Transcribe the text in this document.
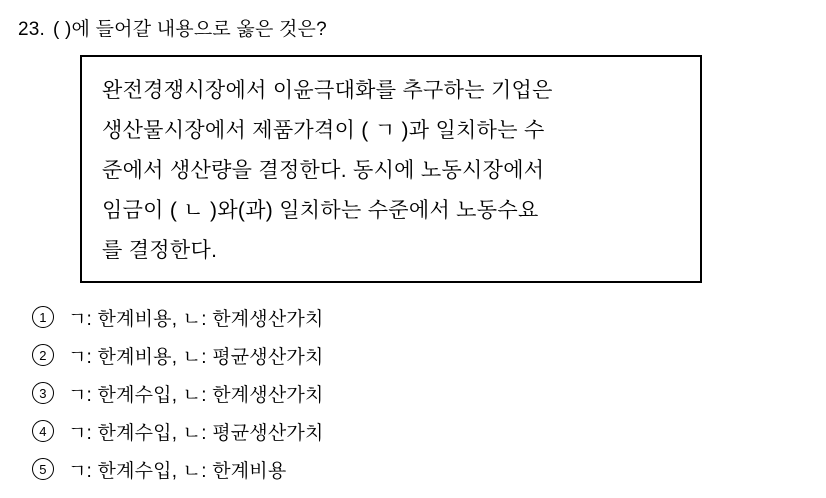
23. ( )에 들어갈 내용으로 옳은 것은?
완전경쟁시장에서 이윤극대화를 추구하는 기업은
생산물시장에서 제품가격이 ( ㄱ )과 일치하는 수
준에서 생산량을 결정한다. 동시에 노동시장에서
임금이 ( ㄴ )와(과) 일치하는 수준에서 노동수요
를 결정한다.
1	ㄱ: 한계비용, ㄴ: 한계생산가치
2	ㄱ: 한계비용, ㄴ: 평균생산가치
3	ㄱ: 한계수입, ㄴ: 한계생산가치
4	ㄱ: 한계수입, ㄴ: 평균생산가치
5	ㄱ: 한계수입, ㄴ: 한계비용
